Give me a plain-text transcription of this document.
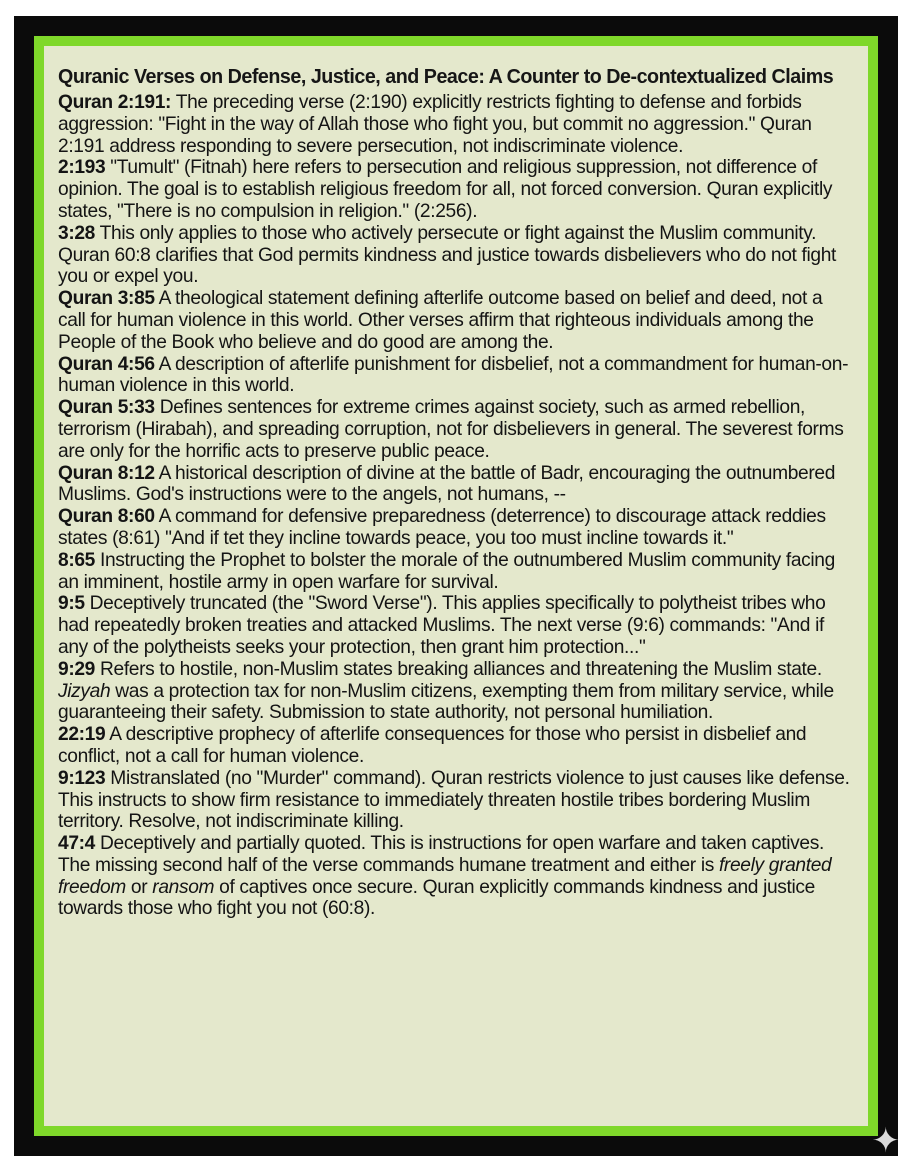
Quranic Verses on Defense, Justice, and Peace: A Counter to De-contextualized Claims

Quran 2:191: The preceding verse (2:190) explicitly restricts fighting to defense and forbids aggression: "Fight in the way of Allah those who fight you, but commit no aggression." Quran 2:191 address responding to severe persecution, not indiscriminate violence.

2:193 "Tumult" (Fitnah) here refers to persecution and religious suppression, not difference of opinion. The goal is to establish religious freedom for all, not forced conversion. Quran explicitly states, "There is no compulsion in religion." (2:256).

3:28 This only applies to those who actively persecute or fight against the Muslim community. Quran 60:8 clarifies that God permits kindness and justice towards disbelievers who do not fight you or expel you.

Quran 3:85 A theological statement defining afterlife outcome based on belief and deed, not a call for human violence in this world. Other verses affirm that righteous individuals among the People of the Book who believe and do good are among the.

Quran 4:56 A description of afterlife punishment for disbelief, not a commandment for human-on-human violence in this world.

Quran 5:33 Defines sentences for extreme crimes against society, such as armed rebellion, terrorism (Hirabah), and spreading corruption, not for disbelievers in general. The severest forms are only for the horrific acts to preserve public peace.

Quran 8:12 A historical description of divine at the battle of Badr, encouraging the outnumbered Muslims. God's instructions were to the angels, not humans, --

Quran 8:60 A command for defensive preparedness (deterrence) to discourage attack reddies states (8:61) "And if tet they incline towards peace, you too must incline towards it."

8:65 Instructing the Prophet to bolster the morale of the outnumbered Muslim community facing an imminent, hostile army in open warfare for survival.

9:5 Deceptively truncated (the "Sword Verse"). This applies specifically to polytheist tribes who had repeatedly broken treaties and attacked Muslims. The next verse (9:6) commands: "And if any of the polytheists seeks your protection, then grant him protection..."

9:29 Refers to hostile, non-Muslim states breaking alliances and threatening the Muslim state. Jizyah was a protection tax for non-Muslim citizens, exempting them from military service, while guaranteeing their safety. Submission to state authority, not personal humiliation.

22:19 A descriptive prophecy of afterlife consequences for those who persist in disbelief and conflict, not a call for human violence.

9:123 Mistranslated (no "Murder" command). Quran restricts violence to just causes like defense. This instructs to show firm resistance to immediately threaten hostile tribes bordering Muslim territory. Resolve, not indiscriminate killing.

47:4 Deceptively and partially quoted. This is instructions for open warfare and taken captives. The missing second half of the verse commands humane treatment and either is freely granted freedom or ransom of captives once secure. Quran explicitly commands kindness and justice towards those who fight you not (60:8).

✦
